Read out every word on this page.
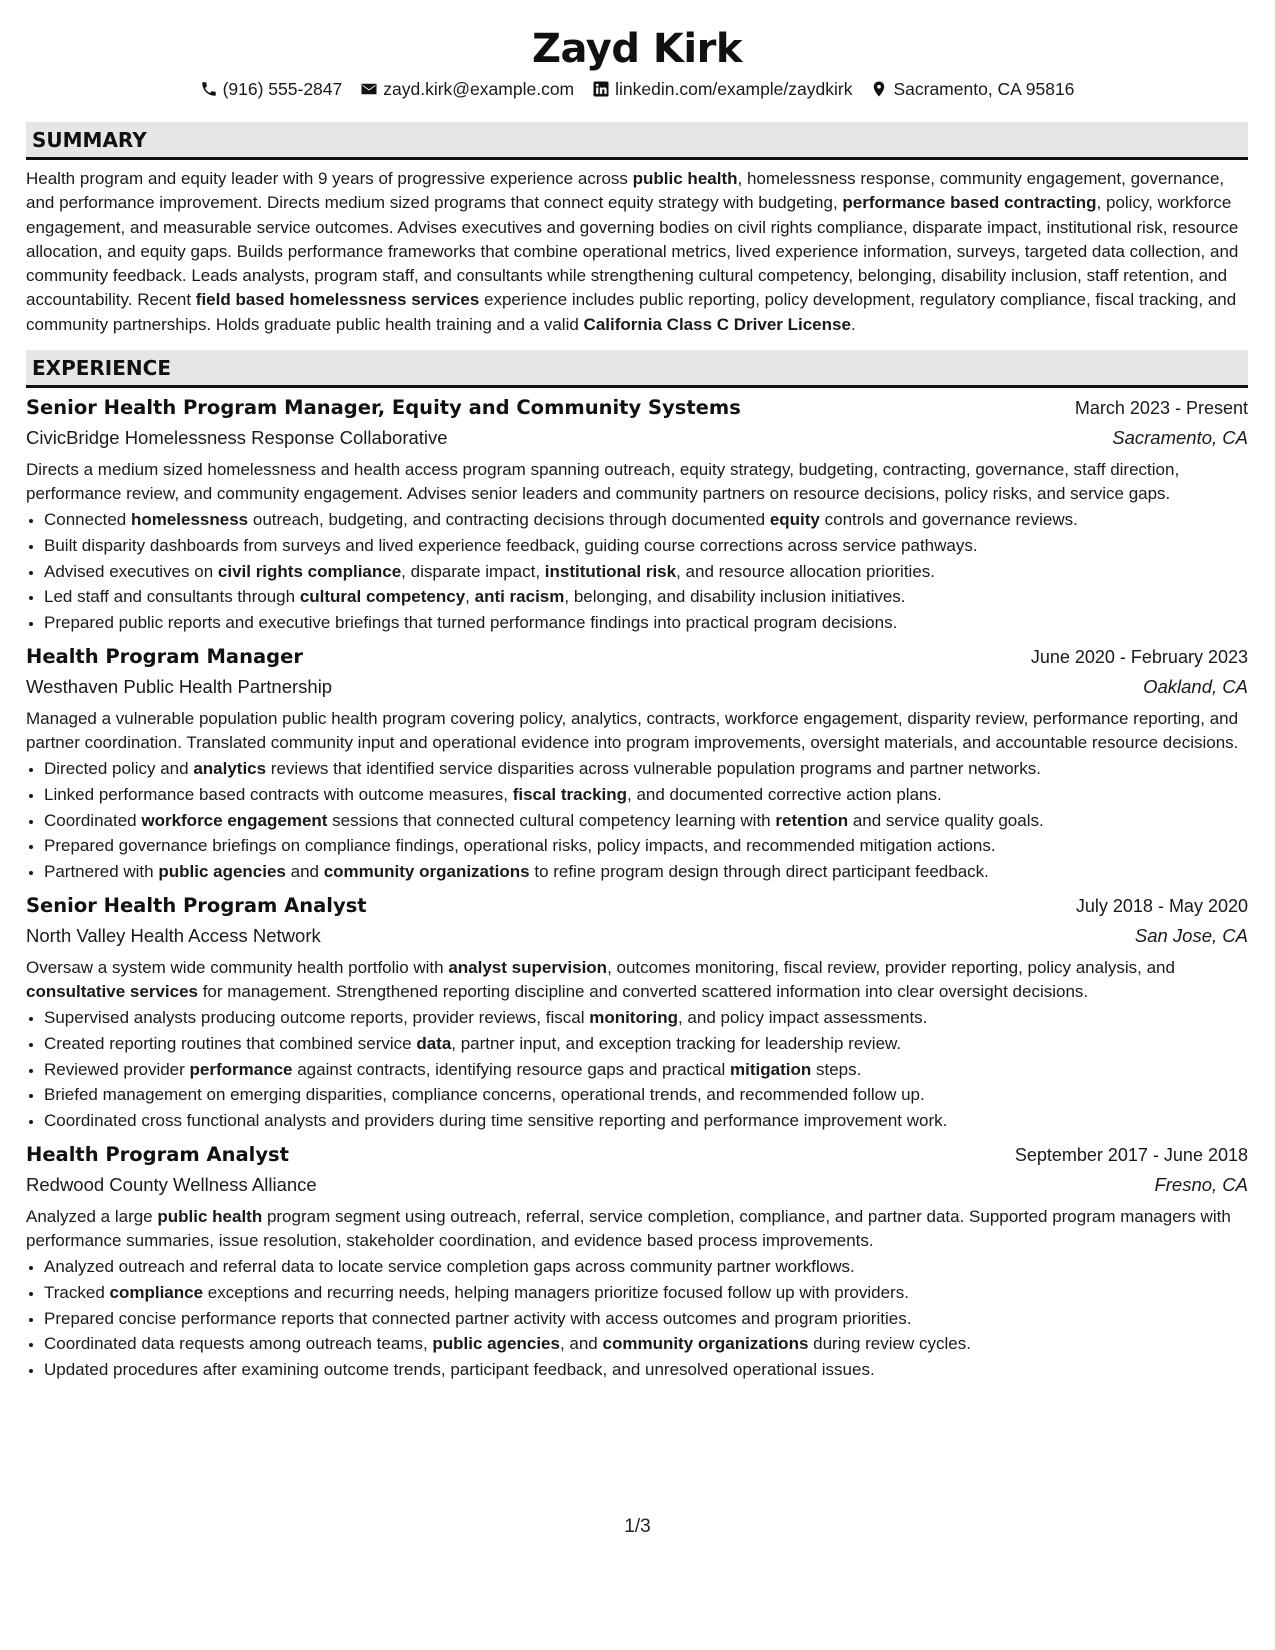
Zayd Kirk
(916) 555-2847 zayd.kirk@example.com linkedin.com/example/zaydkirk Sacramento, CA 95816
SUMMARY
Health program and equity leader with 9 years of progressive experience across public health, homelessness response, community engagement, governance, and performance improvement. Directs medium sized programs that connect equity strategy with budgeting, performance based contracting, policy, workforce engagement, and measurable service outcomes. Advises executives and governing bodies on civil rights compliance, disparate impact, institutional risk, resource allocation, and equity gaps. Builds performance frameworks that combine operational metrics, lived experience information, surveys, targeted data collection, and community feedback. Leads analysts, program staff, and consultants while strengthening cultural competency, belonging, disability inclusion, staff retention, and accountability. Recent field based homelessness services experience includes public reporting, policy development, regulatory compliance, fiscal tracking, and community partnerships. Holds graduate public health training and a valid California Class C Driver License.
EXPERIENCE
Senior Health Program Manager, Equity and Community Systems	March 2023 - Present
CivicBridge Homelessness Response Collaborative	Sacramento, CA
Directs a medium sized homelessness and health access program spanning outreach, equity strategy, budgeting, contracting, governance, staff direction, performance review, and community engagement. Advises senior leaders and community partners on resource decisions, policy risks, and service gaps.
• Connected homelessness outreach, budgeting, and contracting decisions through documented equity controls and governance reviews.
• Built disparity dashboards from surveys and lived experience feedback, guiding course corrections across service pathways.
• Advised executives on civil rights compliance, disparate impact, institutional risk, and resource allocation priorities.
• Led staff and consultants through cultural competency, anti racism, belonging, and disability inclusion initiatives.
• Prepared public reports and executive briefings that turned performance findings into practical program decisions.
Health Program Manager	June 2020 - February 2023
Westhaven Public Health Partnership	Oakland, CA
Managed a vulnerable population public health program covering policy, analytics, contracts, workforce engagement, disparity review, performance reporting, and partner coordination. Translated community input and operational evidence into program improvements, oversight materials, and accountable resource decisions.
• Directed policy and analytics reviews that identified service disparities across vulnerable population programs and partner networks.
• Linked performance based contracts with outcome measures, fiscal tracking, and documented corrective action plans.
• Coordinated workforce engagement sessions that connected cultural competency learning with retention and service quality goals.
• Prepared governance briefings on compliance findings, operational risks, policy impacts, and recommended mitigation actions.
• Partnered with public agencies and community organizations to refine program design through direct participant feedback.
Senior Health Program Analyst	July 2018 - May 2020
North Valley Health Access Network	San Jose, CA
Oversaw a system wide community health portfolio with analyst supervision, outcomes monitoring, fiscal review, provider reporting, policy analysis, and consultative services for management. Strengthened reporting discipline and converted scattered information into clear oversight decisions.
• Supervised analysts producing outcome reports, provider reviews, fiscal monitoring, and policy impact assessments.
• Created reporting routines that combined service data, partner input, and exception tracking for leadership review.
• Reviewed provider performance against contracts, identifying resource gaps and practical mitigation steps.
• Briefed management on emerging disparities, compliance concerns, operational trends, and recommended follow up.
• Coordinated cross functional analysts and providers during time sensitive reporting and performance improvement work.
Health Program Analyst	September 2017 - June 2018
Redwood County Wellness Alliance	Fresno, CA
Analyzed a large public health program segment using outreach, referral, service completion, compliance, and partner data. Supported program managers with performance summaries, issue resolution, stakeholder coordination, and evidence based process improvements.
• Analyzed outreach and referral data to locate service completion gaps across community partner workflows.
• Tracked compliance exceptions and recurring needs, helping managers prioritize focused follow up with providers.
• Prepared concise performance reports that connected partner activity with access outcomes and program priorities.
• Coordinated data requests among outreach teams, public agencies, and community organizations during review cycles.
• Updated procedures after examining outcome trends, participant feedback, and unresolved operational issues.
1/3
